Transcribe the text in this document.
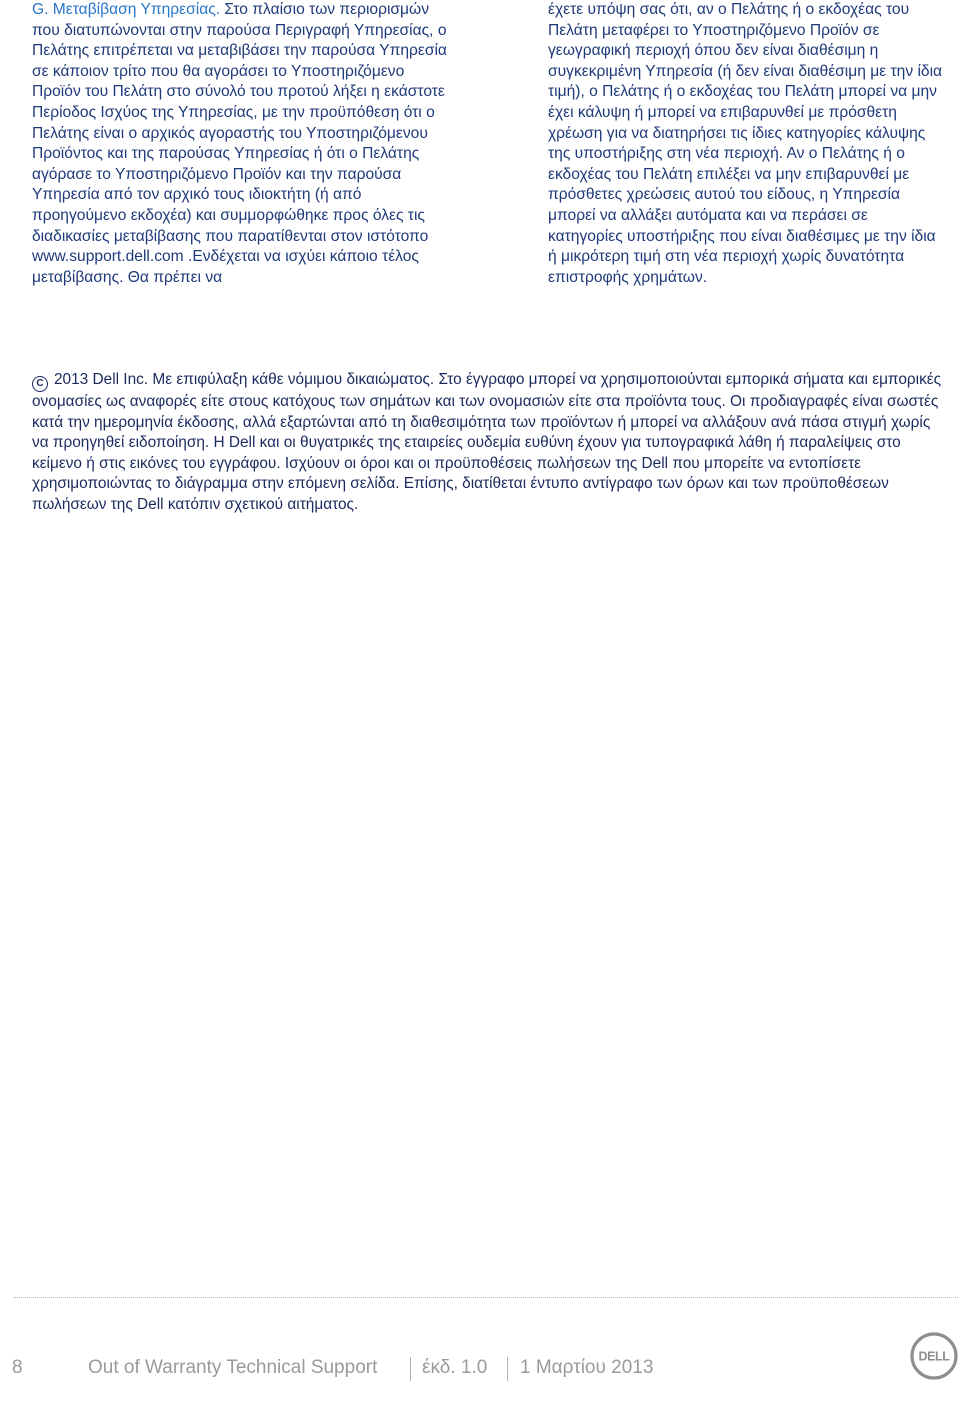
G. Μεταβίβαση Υπηρεσίας. Στο πλαίσιο των περιορισμών που διατυπώνονται στην παρούσα Περιγραφή Υπηρεσίας, ο Πελάτης επιτρέπεται να μεταβιβάσει την παρούσα Υπηρεσία σε κάποιον τρίτο που θα αγοράσει το Υποστηριζόμενο Προϊόν του Πελάτη στο σύνολό του προτού λήξει η εκάστοτε Περίοδος Ισχύος της Υπηρεσίας, με την προϋπόθεση ότι ο Πελάτης είναι ο αρχικός αγοραστής του Υποστηριζόμενου Προϊόντος και της παρούσας Υπηρεσίας ή ότι ο Πελάτης αγόρασε το Υποστηριζόμενο Προϊόν και την παρούσα Υπηρεσία από τον αρχικό τους ιδιοκτήτη (ή από προηγούμενο εκδοχέα) και συμμορφώθηκε προς όλες τις διαδικασίες μεταβίβασης που παρατίθενται στον ιστότοπο www.support.dell.com .Ενδέχεται να ισχύει κάποιο τέλος μεταβίβασης. Θα πρέπει να

έχετε υπόψη σας ότι, αν ο Πελάτης ή ο εκδοχέας του Πελάτη μεταφέρει το Υποστηριζόμενο Προϊόν σε γεωγραφική περιοχή όπου δεν είναι διαθέσιμη η συγκεκριμένη Υπηρεσία (ή δεν είναι διαθέσιμη με την ίδια τιμή), ο Πελάτης ή ο εκδοχέας του Πελάτη μπορεί να μην έχει κάλυψη ή μπορεί να επιβαρυνθεί με πρόσθετη χρέωση για να διατηρήσει τις ίδιες κατηγορίες κάλυψης της υποστήριξης στη νέα περιοχή. Αν ο Πελάτης ή ο εκδοχέας του Πελάτη επιλέξει να μην επιβαρυνθεί με πρόσθετες χρεώσεις αυτού του είδους, η Υπηρεσία μπορεί να αλλάξει αυτόματα και να περάσει σε κατηγορίες υποστήριξης που είναι διαθέσιμες με την ίδια ή μικρότερη τιμή στη νέα περιοχή χωρίς δυνατότητα επιστροφής χρημάτων.

C 2013 Dell Inc. Με επιφύλαξη κάθε νόμιμου δικαιώματος. Στο έγγραφο μπορεί να χρησιμοποιούνται εμπορικά σήματα και εμπορικές ονομασίες ως αναφορές είτε στους κατόχους των σημάτων και των ονομασιών είτε στα προϊόντα τους. Οι προδιαγραφές είναι σωστές κατά την ημερομηνία έκδοσης, αλλά εξαρτώνται από τη διαθεσιμότητα των προϊόντων ή μπορεί να αλλάξουν ανά πάσα στιγμή χωρίς να προηγηθεί ειδοποίηση. Η Dell και οι θυγατρικές της εταιρείες ουδεμία ευθύνη έχουν για τυπογραφικά λάθη ή παραλείψεις στο κείμενο ή στις εικόνες του εγγράφου. Ισχύουν οι όροι και οι προϋποθέσεις πωλήσεων της Dell που μπορείτε να εντοπίσετε χρησιμοποιώντας το διάγραμμα στην επόμενη σελίδα. Επίσης, διατίθεται έντυπο αντίγραφο των όρων και των προϋποθέσεων πωλήσεων της Dell κατόπιν σχετικού αιτήματος.

8	Out of Warranty Technical Support έκδ. 1.0 1 Μαρτίου 2013
DELL
